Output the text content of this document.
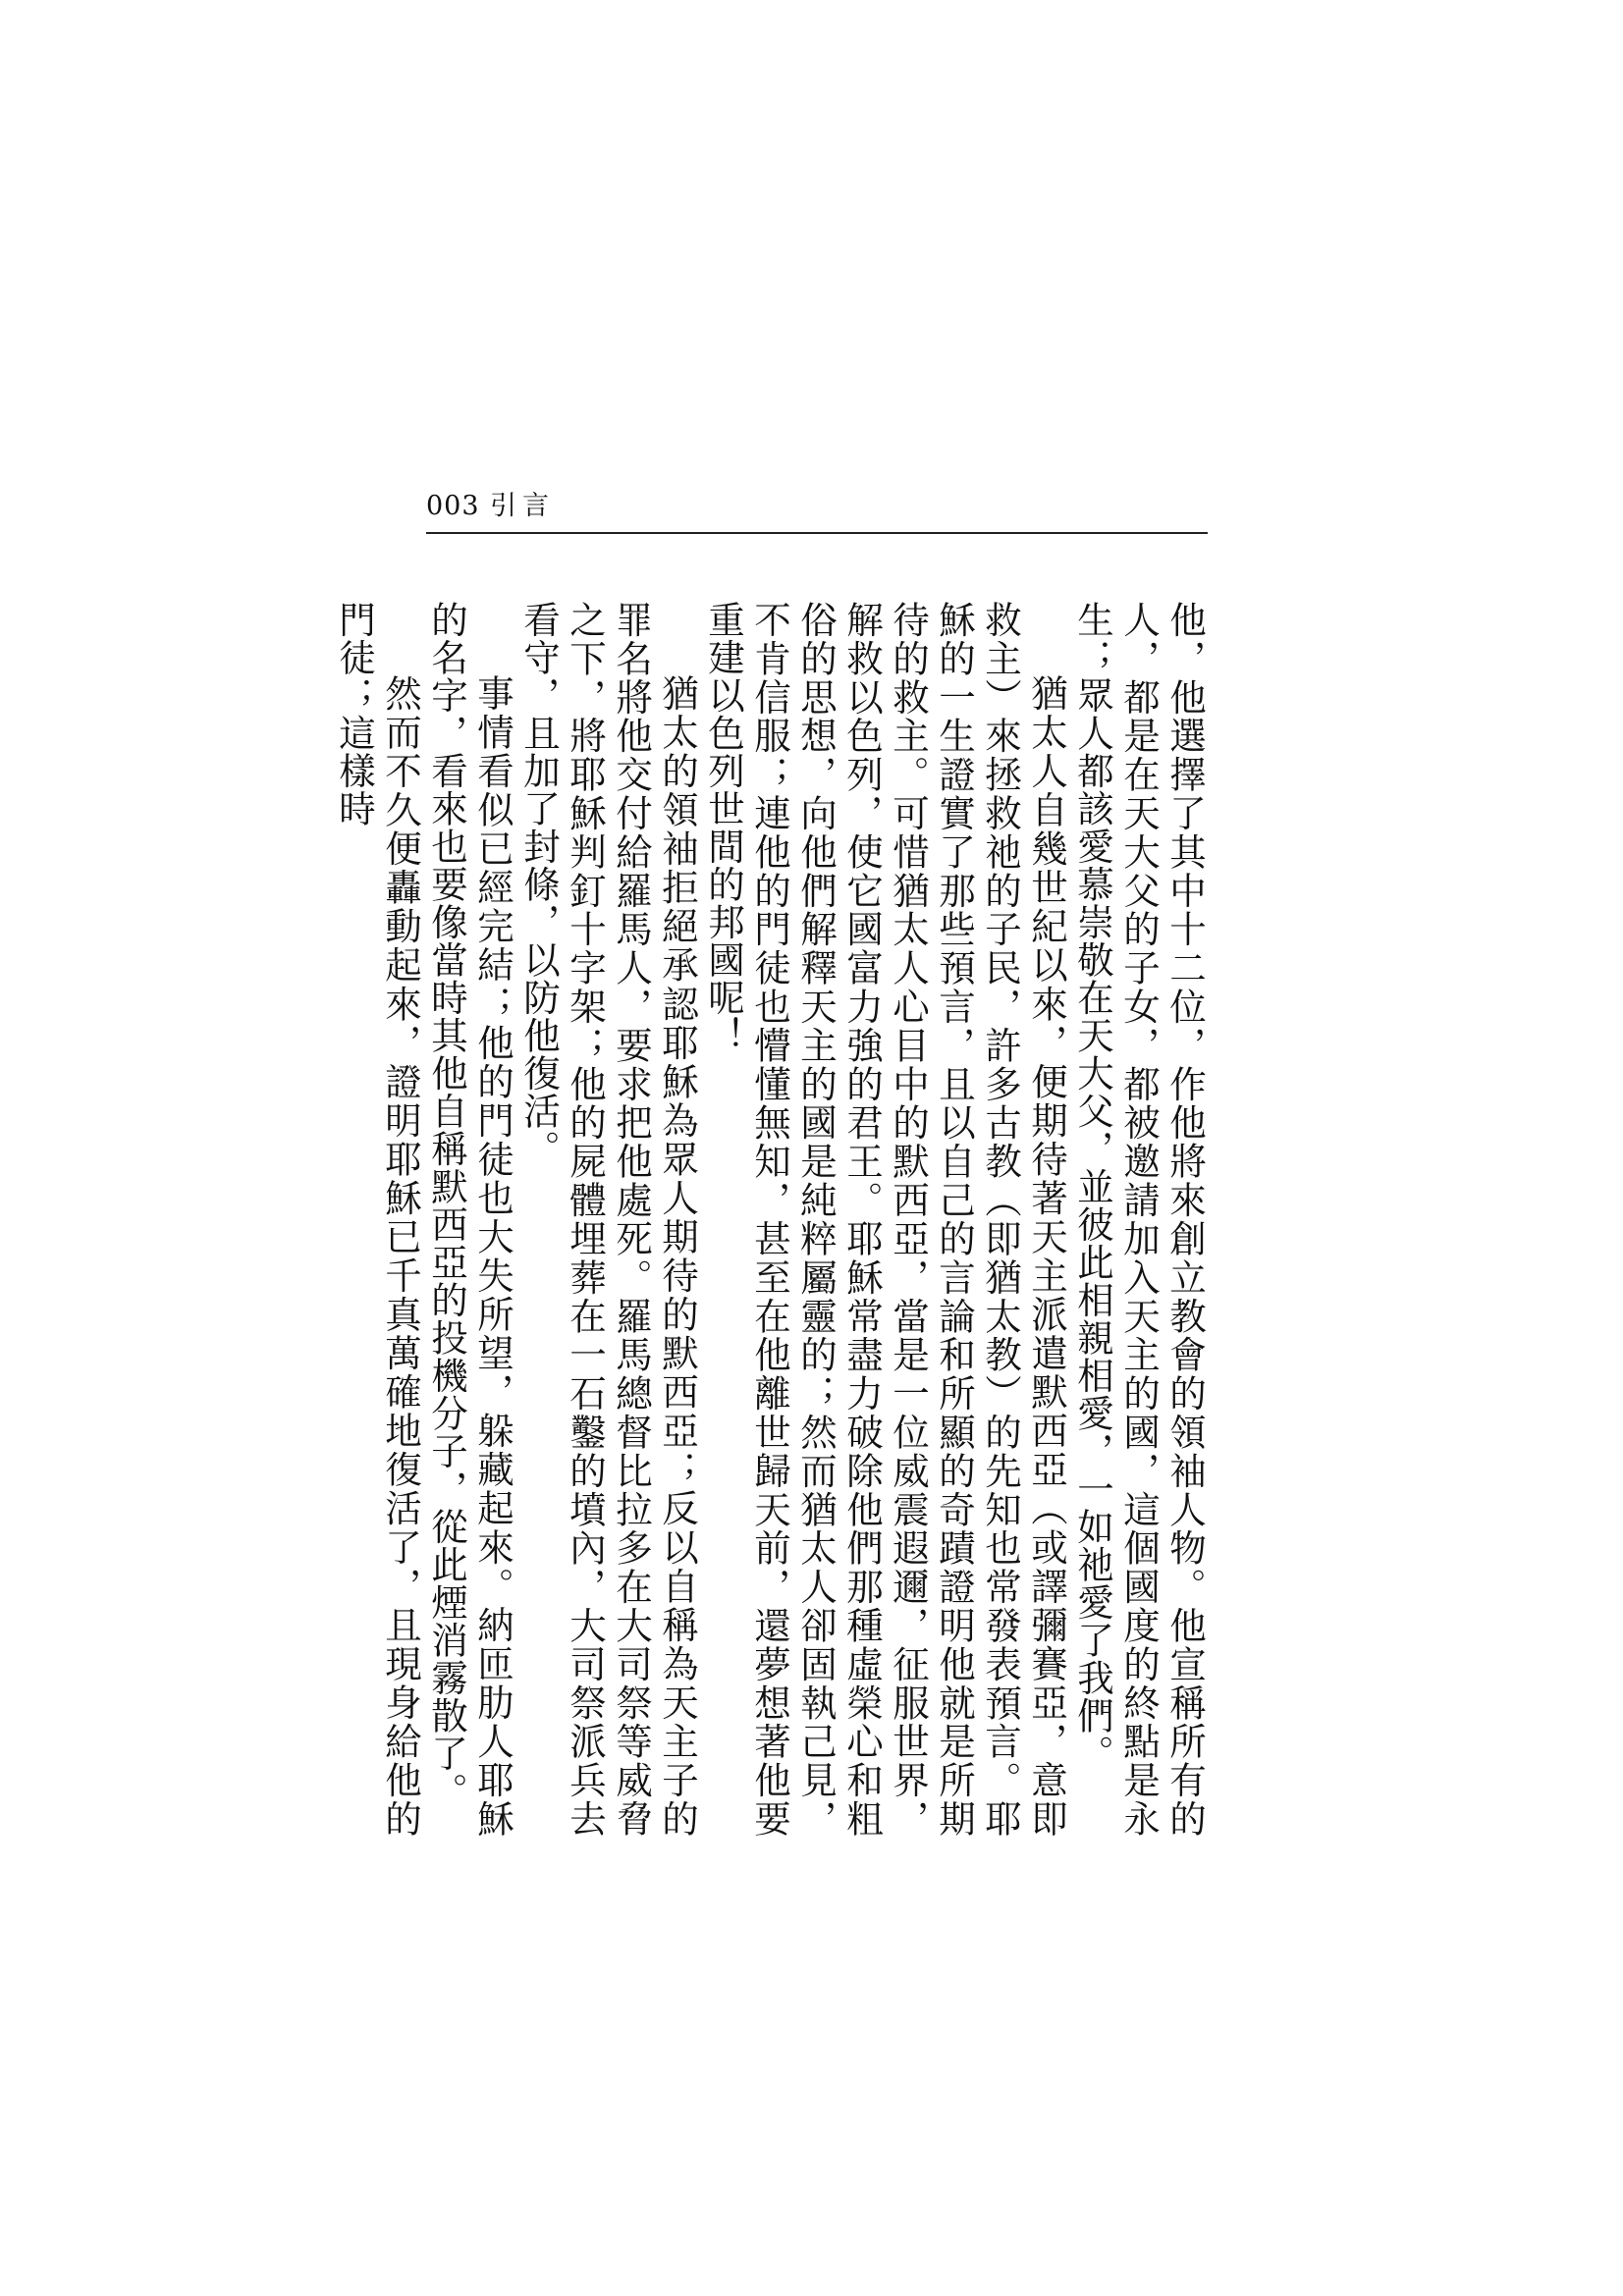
003 引言

他，他選擇了其中十二位，作他將來創立教會的領袖人物。他宣稱所有的人，都是在天大父的子女，都被邀請加入天主的國，這個國度的終點是永生；眾人都該愛慕崇敬在天大父，並彼此相親相愛，一如祂愛了我們。

猶太人自幾世紀以來，便期待著天主派遣默西亞（或譯彌賽亞，意即救主）來拯救祂的子民，許多古教（即猶太教）的先知也常發表預言。耶穌的一生證實了那些預言，且以自己的言論和所顯的奇蹟證明他就是所期待的救主。可惜猶太人心目中的默西亞，當是一位威震遐邇，征服世界，解救以色列，使它國富力強的君王。耶穌常盡力破除他們那種虛榮心和粗俗的思想，向他們解釋天主的國是純粹屬靈的；然而猶太人卻固執己見，不肯信服；連他的門徒也懵懂無知，甚至在他離世歸天前，還夢想著他要重建以色列世間的邦國呢！

猶太的領袖拒絕承認耶穌為眾人期待的默西亞；反以自稱為天主子的罪名將他交付給羅馬人，要求把他處死。羅馬總督比拉多在大司祭等威脅之下，將耶穌判釘十字架；他的屍體埋葬在一石鑿的墳內，大司祭派兵去看守，且加了封條，以防他復活。

事情看似已經完結；他的門徒也大失所望，躲藏起來。納匝肋人耶穌的名字，看來也要像當時其他自稱默西亞的投機分子，從此煙消霧散了。

然而不久便轟動起來，證明耶穌已千真萬確地復活了，且現身給他的門徒；這樣時
